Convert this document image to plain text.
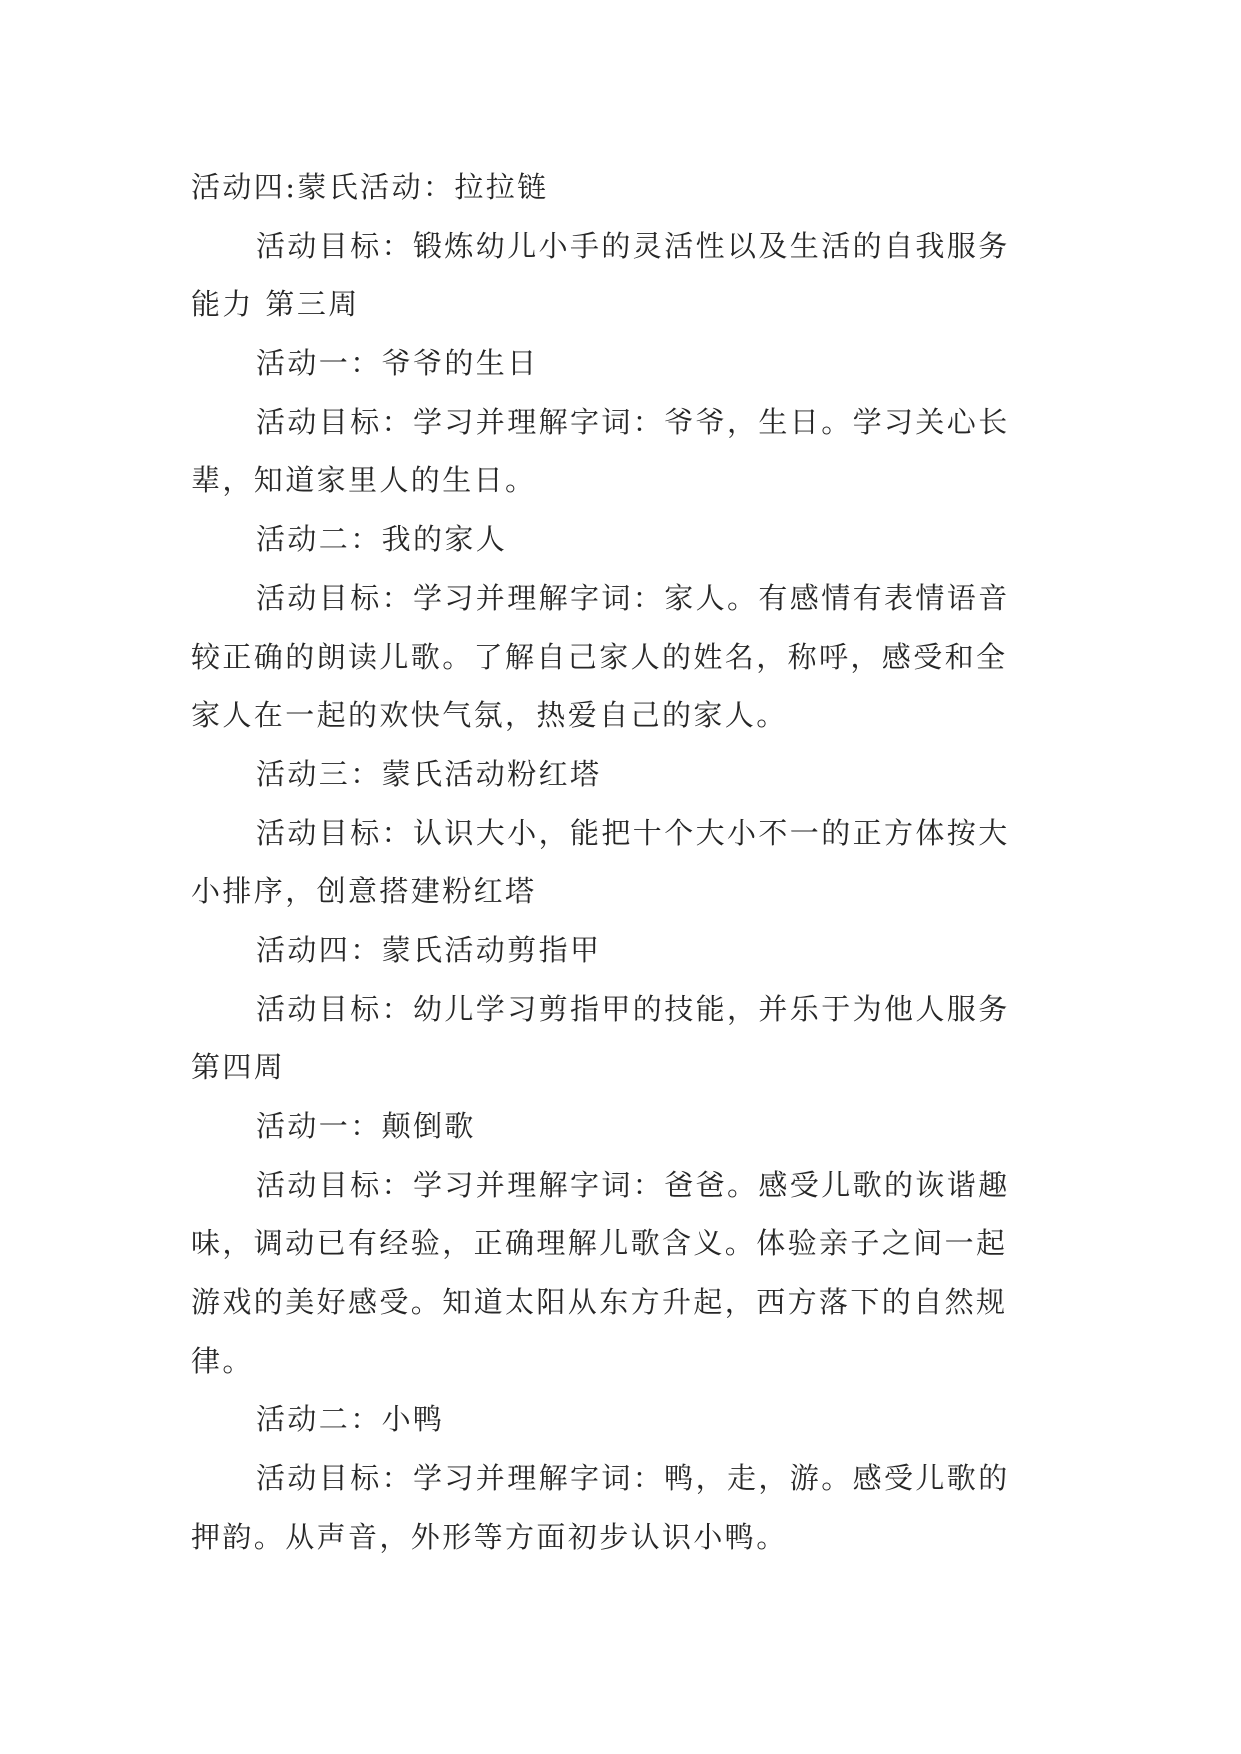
活动四:蒙氏活动：拉拉链
活动目标：锻炼幼儿小手的灵活性以及生活的自我服务
能力 第三周
活动一：爷爷的生日
活动目标：学习并理解字词：爷爷，生日。学习关心长
辈，知道家里人的生日。
活动二：我的家人
活动目标：学习并理解字词：家人。有感情有表情语音
较正确的朗读儿歌。了解自己家人的姓名，称呼，感受和全
家人在一起的欢快气氛，热爱自己的家人。
活动三：蒙氏活动粉红塔
活动目标：认识大小，能把十个大小不一的正方体按大
小排序，创意搭建粉红塔
活动四：蒙氏活动剪指甲
活动目标：幼儿学习剪指甲的技能，并乐于为他人服务
第四周
活动一：颠倒歌
活动目标：学习并理解字词：爸爸。感受儿歌的诙谐趣
味，调动已有经验，正确理解儿歌含义。体验亲子之间一起
游戏的美好感受。知道太阳从东方升起，西方落下的自然规
律。
活动二：小鸭
活动目标：学习并理解字词：鸭，走，游。感受儿歌的
押韵。从声音，外形等方面初步认识小鸭。
